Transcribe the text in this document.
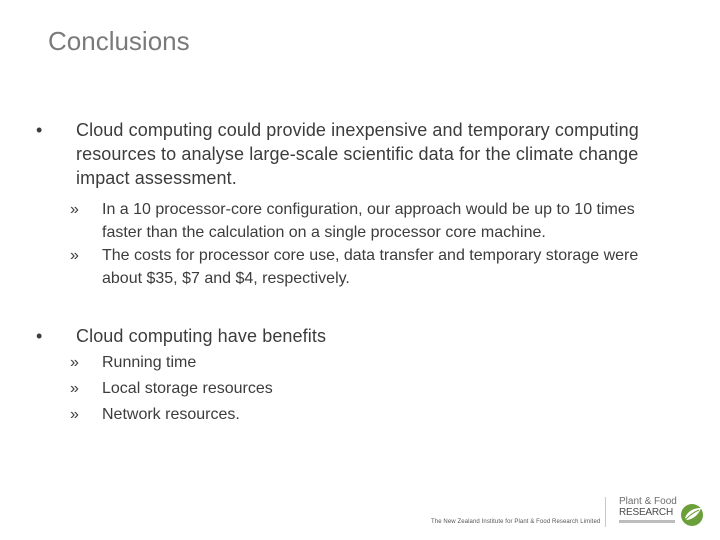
Conclusions
•	Cloud computing could provide inexpensive and temporary computing resources to analyse large-scale scientific data for the climate change impact assessment.
» In a 10 processor-core configuration, our approach would be up to 10 times faster than the calculation on a single processor core machine.
» The costs for processor core use, data transfer and temporary storage were about $35, $7 and $4, respectively.
•	Cloud computing have benefits
» Running time
» Local storage resources
» Network resources.
The New Zealand Institute for Plant & Food Research Limited
Plant & Food
RESEARCH
